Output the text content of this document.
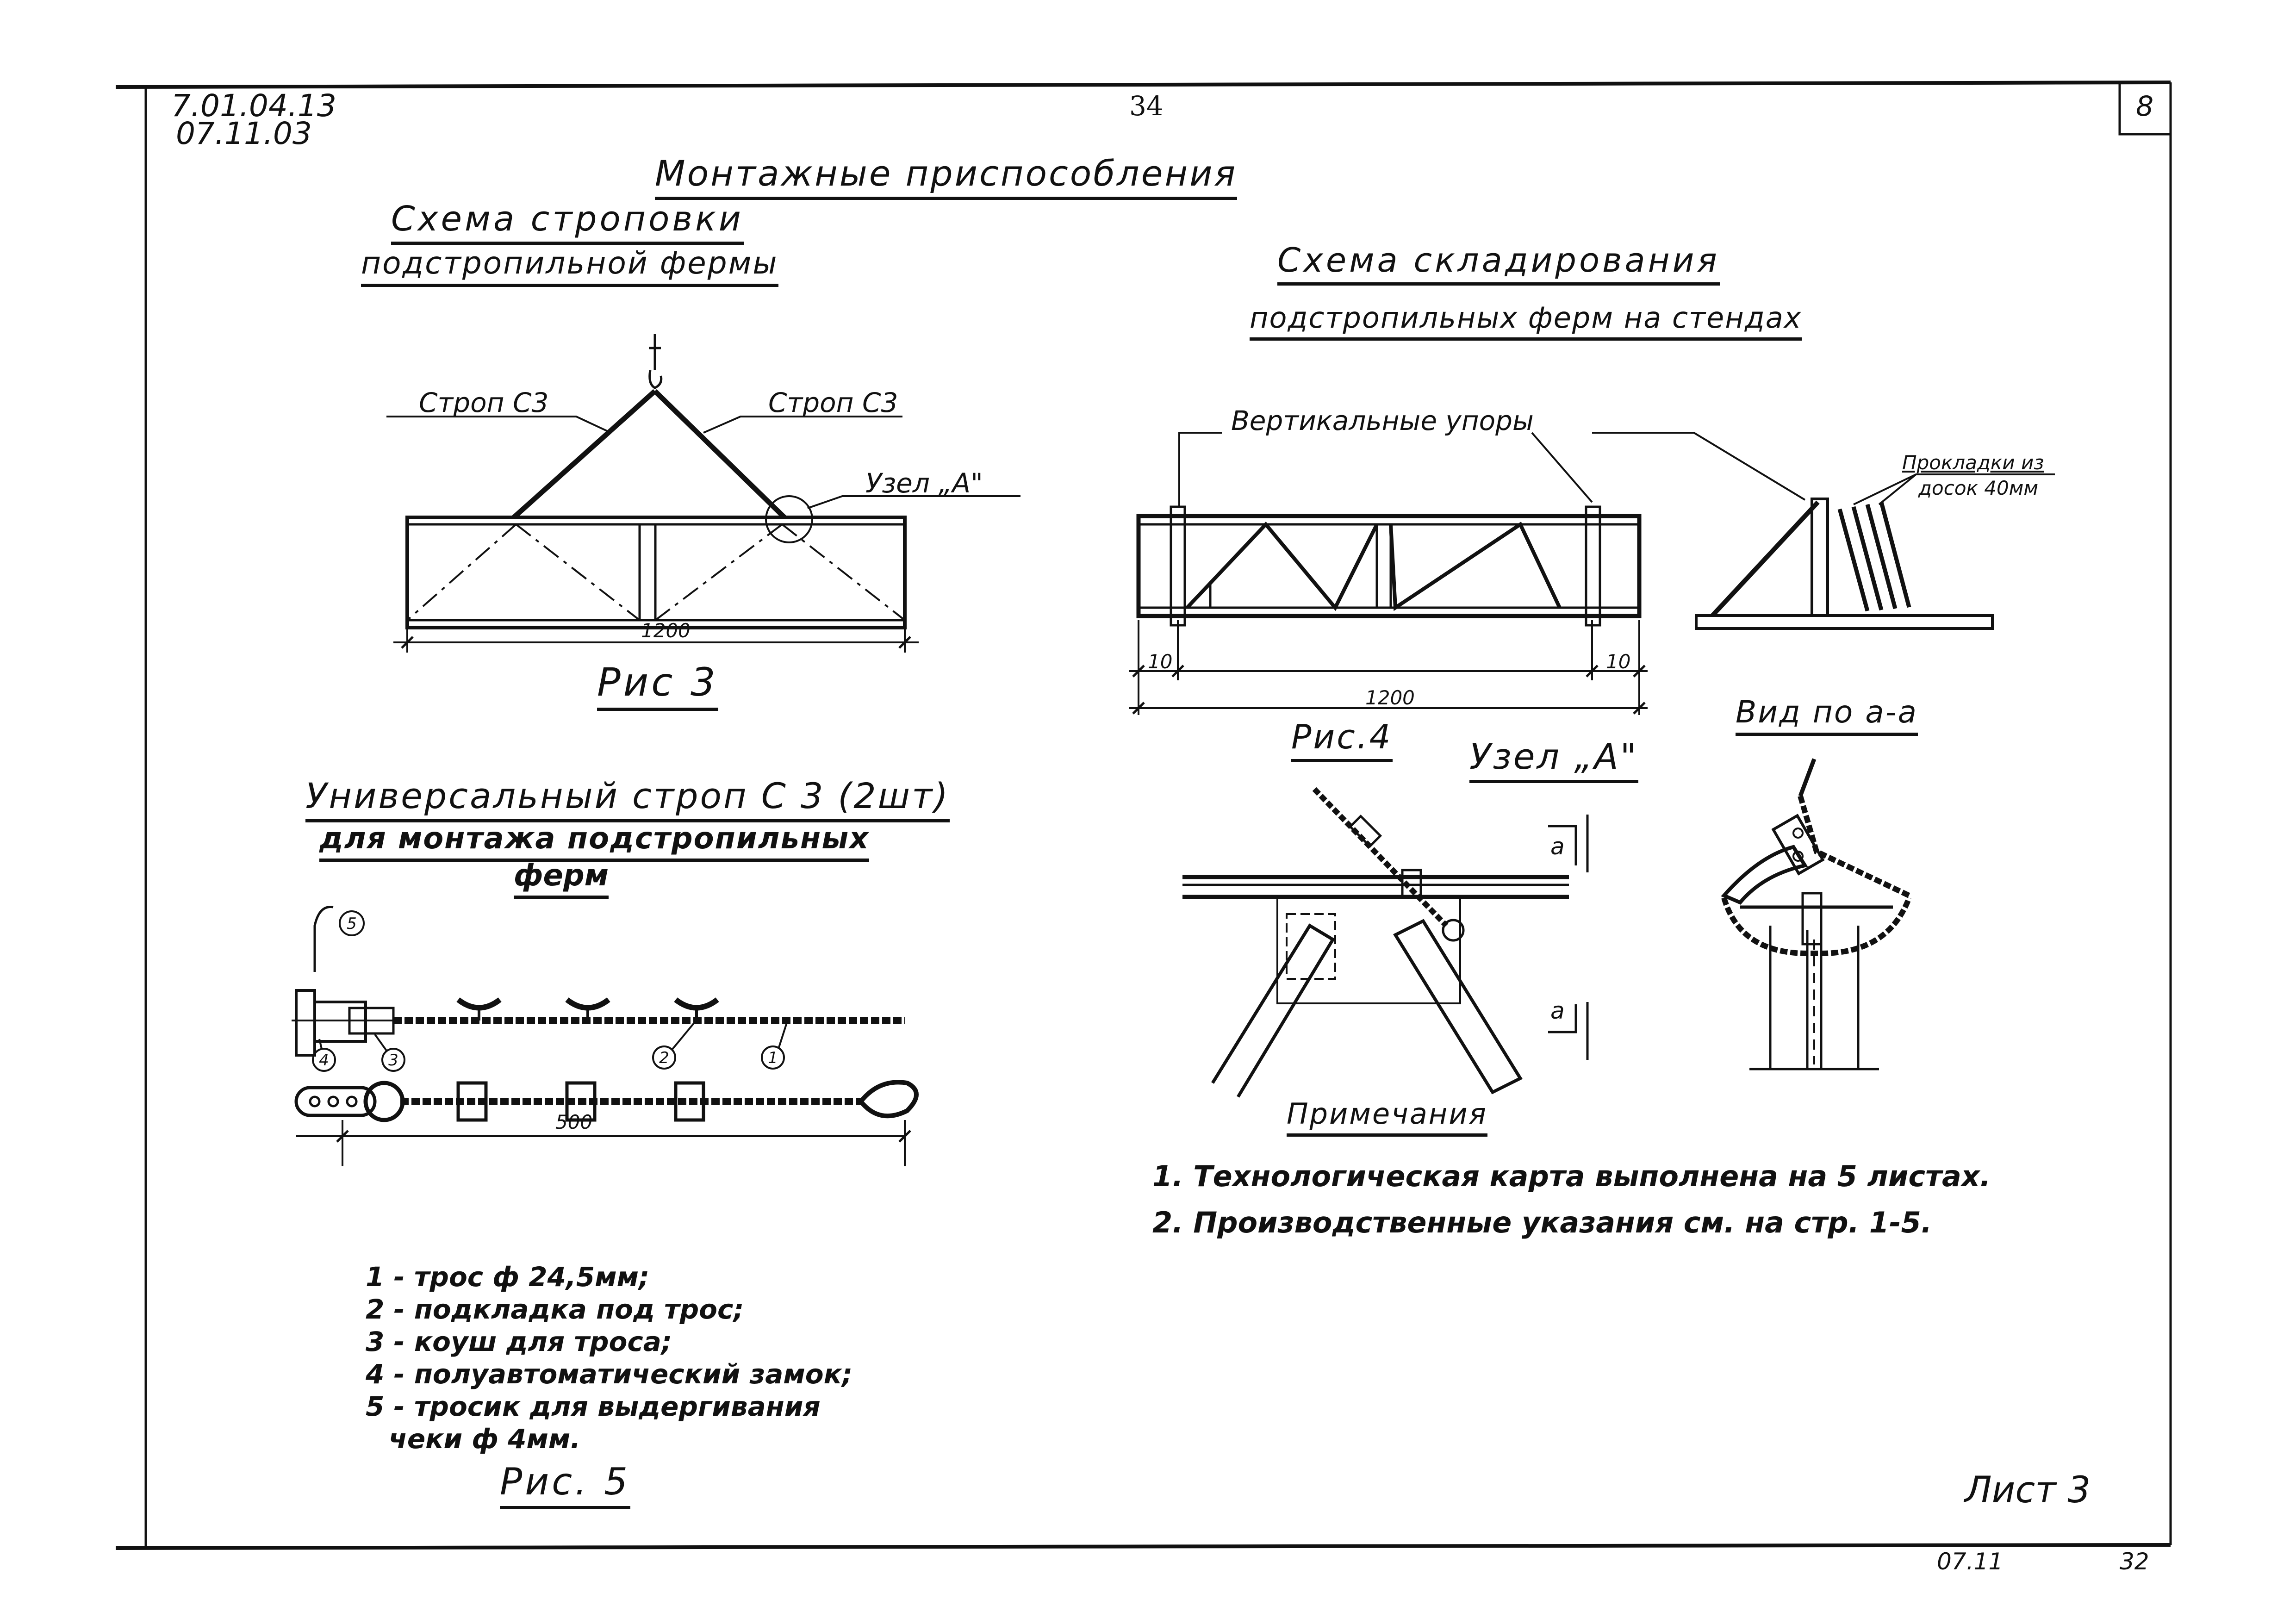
5
4	3	2	1
7.01.04.13
07.11.03
34	8
Монтажные приспособления
Схема строповки
подстропильной фермы
Строп С3	Строп С3
Узел „А"
1200
Рис 3
Схема складирования
подстропильных ферм на стендах
Вертикальные упоры
Прокладки из
досок 40мм
10	10
1200
Рис.4 Узел „А"
а
а
Вид по а-а
Универсальный строп С 3 (2шт)
для монтажа подстропильных
ферм
500
1 - трос ф 24,5мм;
2 - подкладка под трос;
3 - коуш для троса;
4 - полуавтоматический замок;
5 - тросик для выдергивания
чеки ф 4мм.
Рис. 5
Примечания
1. Технологическая карта выполнена на 5 листах.
2. Производственные указания см. на стр. 1-5.
Лист 3
07.11	32
